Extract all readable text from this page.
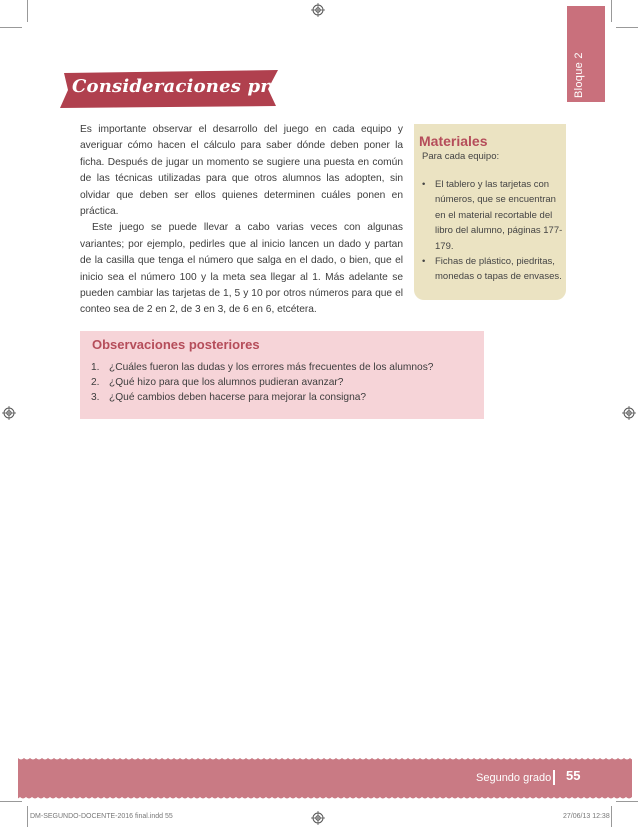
Bloque 2
Consideraciones previas

Es importante observar el desarrollo del juego en cada equipo y averiguar cómo hacen el cálculo para saber dónde deben poner la ficha. Después de jugar un momento se sugiere una puesta en común de las técnicas utilizadas para que otros alumnos las adopten, sin olvidar que deben ser ellos quienes determinen cuáles ponen en práctica.

Este juego se puede llevar a cabo varias veces con algunas variantes; por ejemplo, pedirles que al inicio lancen un dado y partan de la casilla que tenga el número que salga en el dado, o bien, que el inicio sea el número 100 y la meta sea llegar al 1. Más adelante se pueden cambiar las tarjetas de 1, 5 y 10 por otros números para que el conteo sea de 2 en 2, de 3 en 3, de 6 en 6, etcétera.

Materiales
Para cada equipo:
• El tablero y las tarjetas con números, que se encuentran en el material recortable del libro del alumno, páginas 177-179.
• Fichas de plástico, piedritas, monedas o tapas de envases.
Observaciones posteriores
1. ¿Cuáles fueron las dudas y los errores más frecuentes de los alumnos?
2. ¿Qué hizo para que los alumnos pudieran avanzar?
3. ¿Qué cambios deben hacerse para mejorar la consigna?
Segundo grado 55
DM-SEGUNDO-DOCENTE-2016 final.indd 55	27/06/13 12:38
